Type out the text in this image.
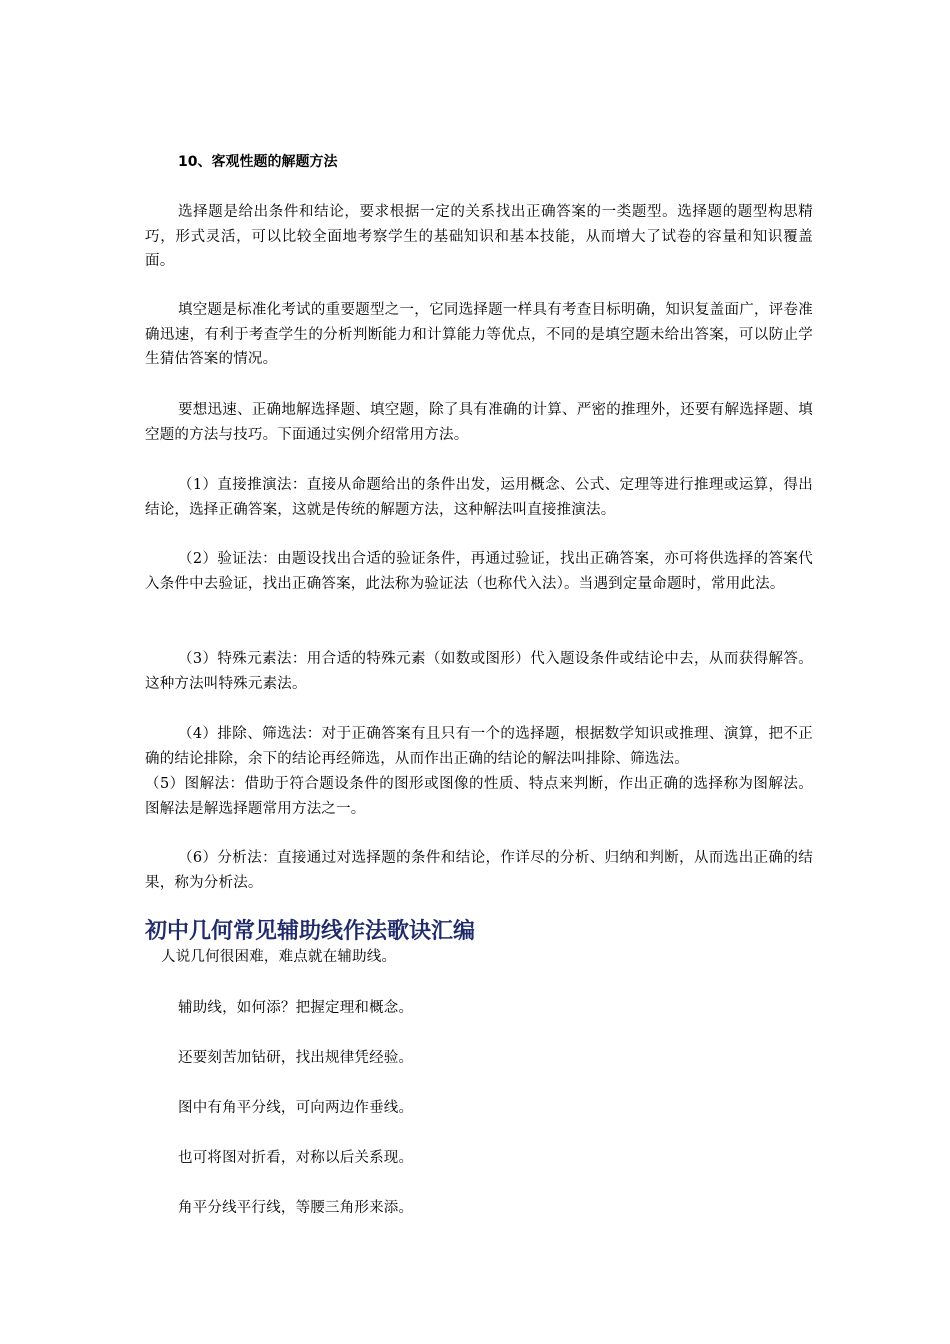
10、客观性题的解题方法

选择题是给出条件和结论，要求根据一定的关系找出正确答案的一类题型。选择题的题型构思精巧，形式灵活，可以比较全面地考察学生的基础知识和基本技能，从而增大了试卷的容量和知识覆盖面。

填空题是标准化考试的重要题型之一，它同选择题一样具有考查目标明确，知识复盖面广，评卷准确迅速，有利于考查学生的分析判断能力和计算能力等优点，不同的是填空题未给出答案，可以防止学生猜估答案的情况。

要想迅速、正确地解选择题、填空题，除了具有准确的计算、严密的推理外，还要有解选择题、填空题的方法与技巧。下面通过实例介绍常用方法。

（1）直接推演法：直接从命题给出的条件出发，运用概念、公式、定理等进行推理或运算，得出结论，选择正确答案，这就是传统的解题方法，这种解法叫直接推演法。

（2）验证法：由题设找出合适的验证条件，再通过验证，找出正确答案，亦可将供选择的答案代入条件中去验证，找出正确答案，此法称为验证法（也称代入法）。当遇到定量命题时，常用此法。

（3）特殊元素法：用合适的特殊元素（如数或图形）代入题设条件或结论中去，从而获得解答。这种方法叫特殊元素法。

（4）排除、筛选法：对于正确答案有且只有一个的选择题，根据数学知识或推理、演算，把不正确的结论排除，余下的结论再经筛选，从而作出正确的结论的解法叫排除、筛选法。

（5）图解法：借助于符合题设条件的图形或图像的性质、特点来判断，作出正确的选择称为图解法。图解法是解选择题常用方法之一。

（6）分析法：直接通过对选择题的条件和结论，作详尽的分析、归纳和判断，从而选出正确的结果，称为分析法。

初中几何常见辅助线作法歌诀汇编

人说几何很困难，难点就在辅助线。

辅助线，如何添？把握定理和概念。

还要刻苦加钻研，找出规律凭经验。

图中有角平分线，可向两边作垂线。

也可将图对折看，对称以后关系现。

角平分线平行线，等腰三角形来添。
